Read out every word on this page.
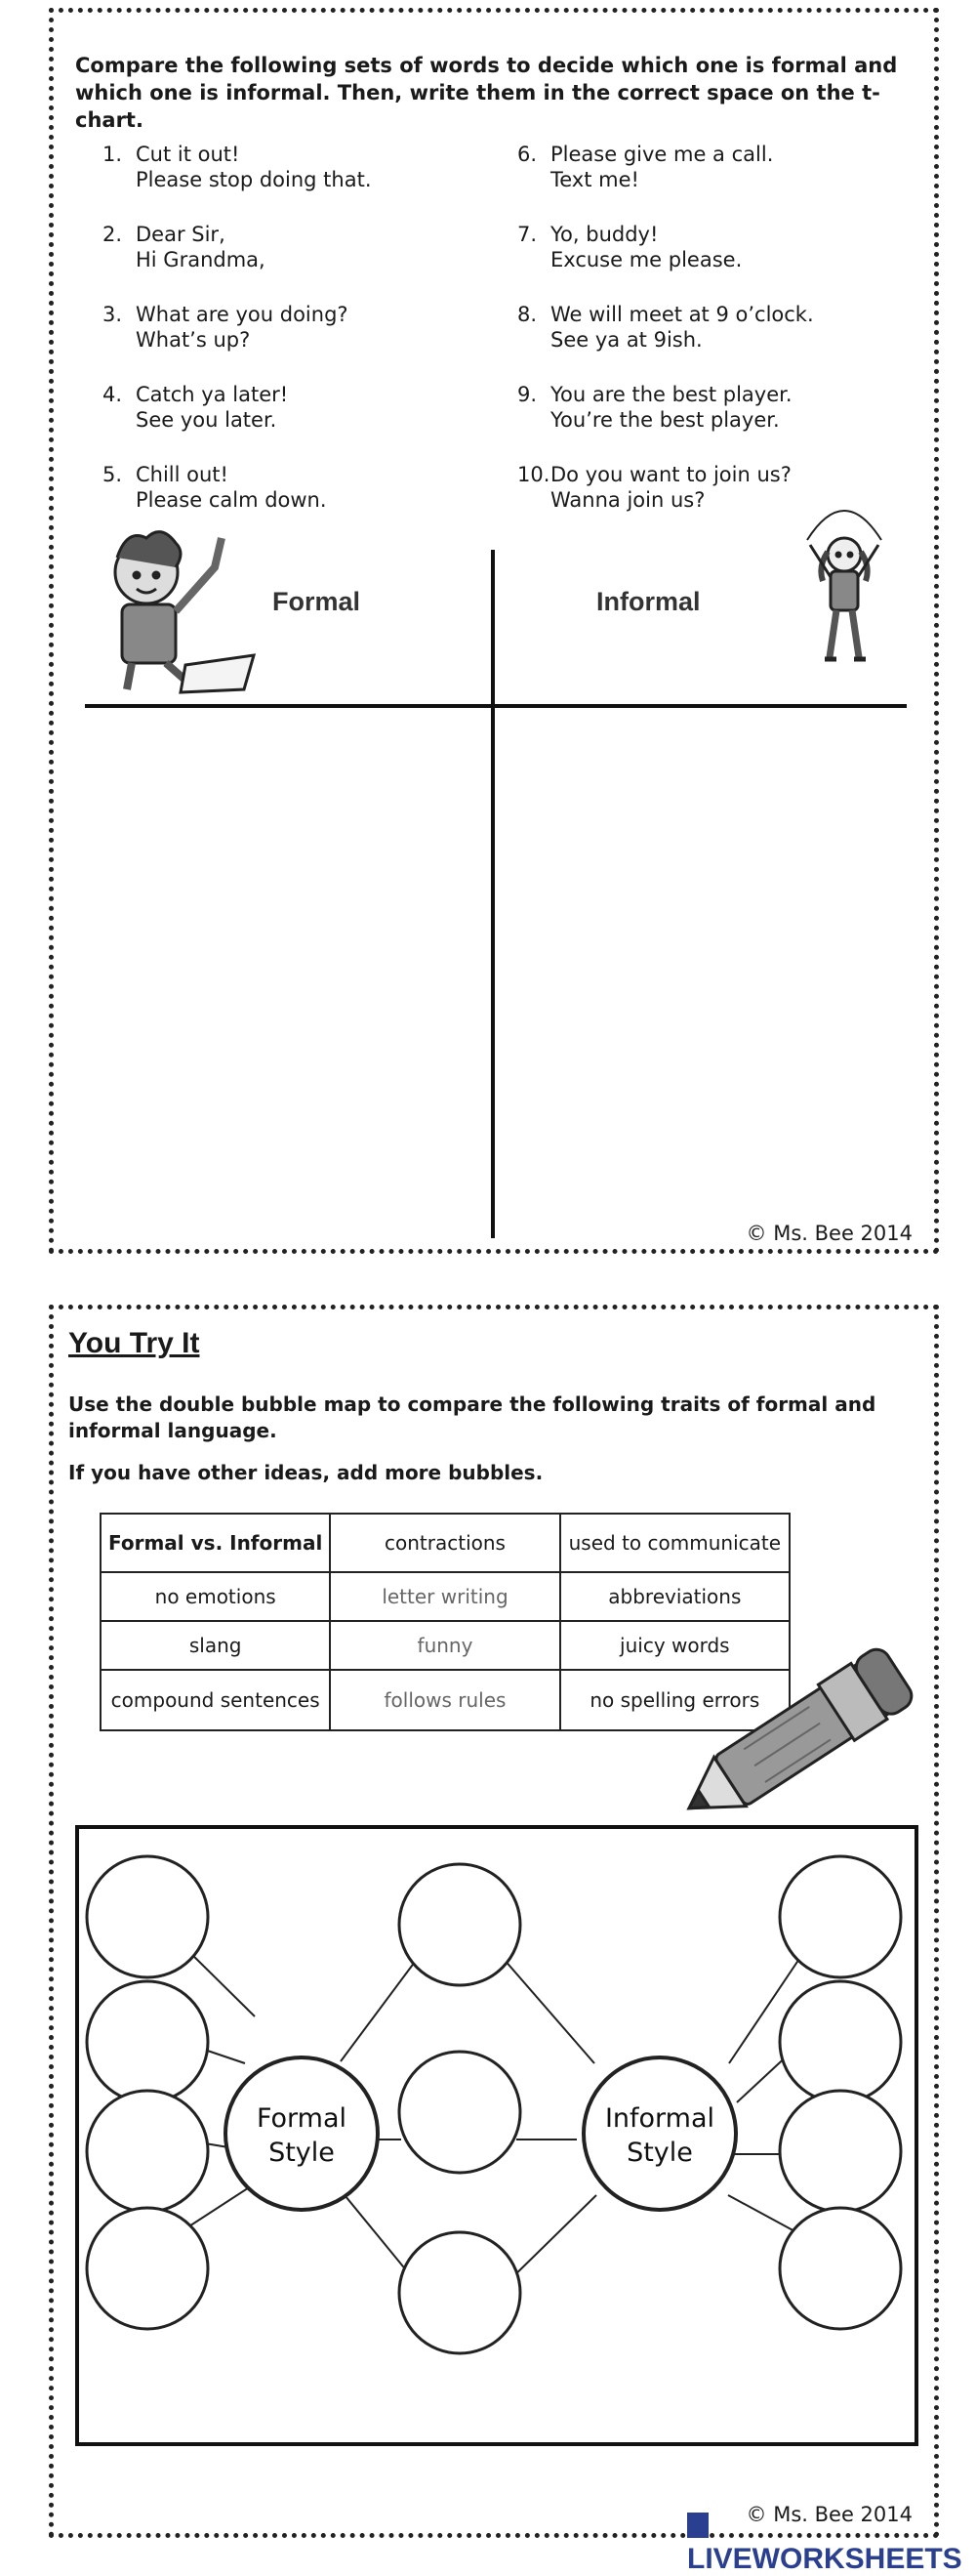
Compare the following sets of words to decide which one is formal and which one is informal. Then, write them in the correct space on the t-chart.
1. Cut it out!
Please stop doing that.
2. Dear Sir,
Hi Grandma,
3. What are you doing?
What’s up?
4. Catch ya later!
See you later.
5. Chill out!
Please calm down.
6. Please give me a call.
Text me!
7. Yo, buddy!
Excuse me please.
8. We will meet at 9 o’clock.
See ya at 9ish.
9. You are the best player.
You’re the best player.
10.Do you want to join us?
Wanna join us?
Formal	Informal
© Ms. Bee 2014
You Try It
Use the double bubble map to compare the following traits of formal and informal language.
If you have other ideas, add more bubbles.
Formal vs. Informal	contractions	used to communicate
no emotions	letter writing	abbreviations
slang	funny	juicy words
compound sentences	follows rules	no spelling errors
Formal
Style
Informal
Style
© Ms. Bee 2014
LIVEWORKSHEETS
